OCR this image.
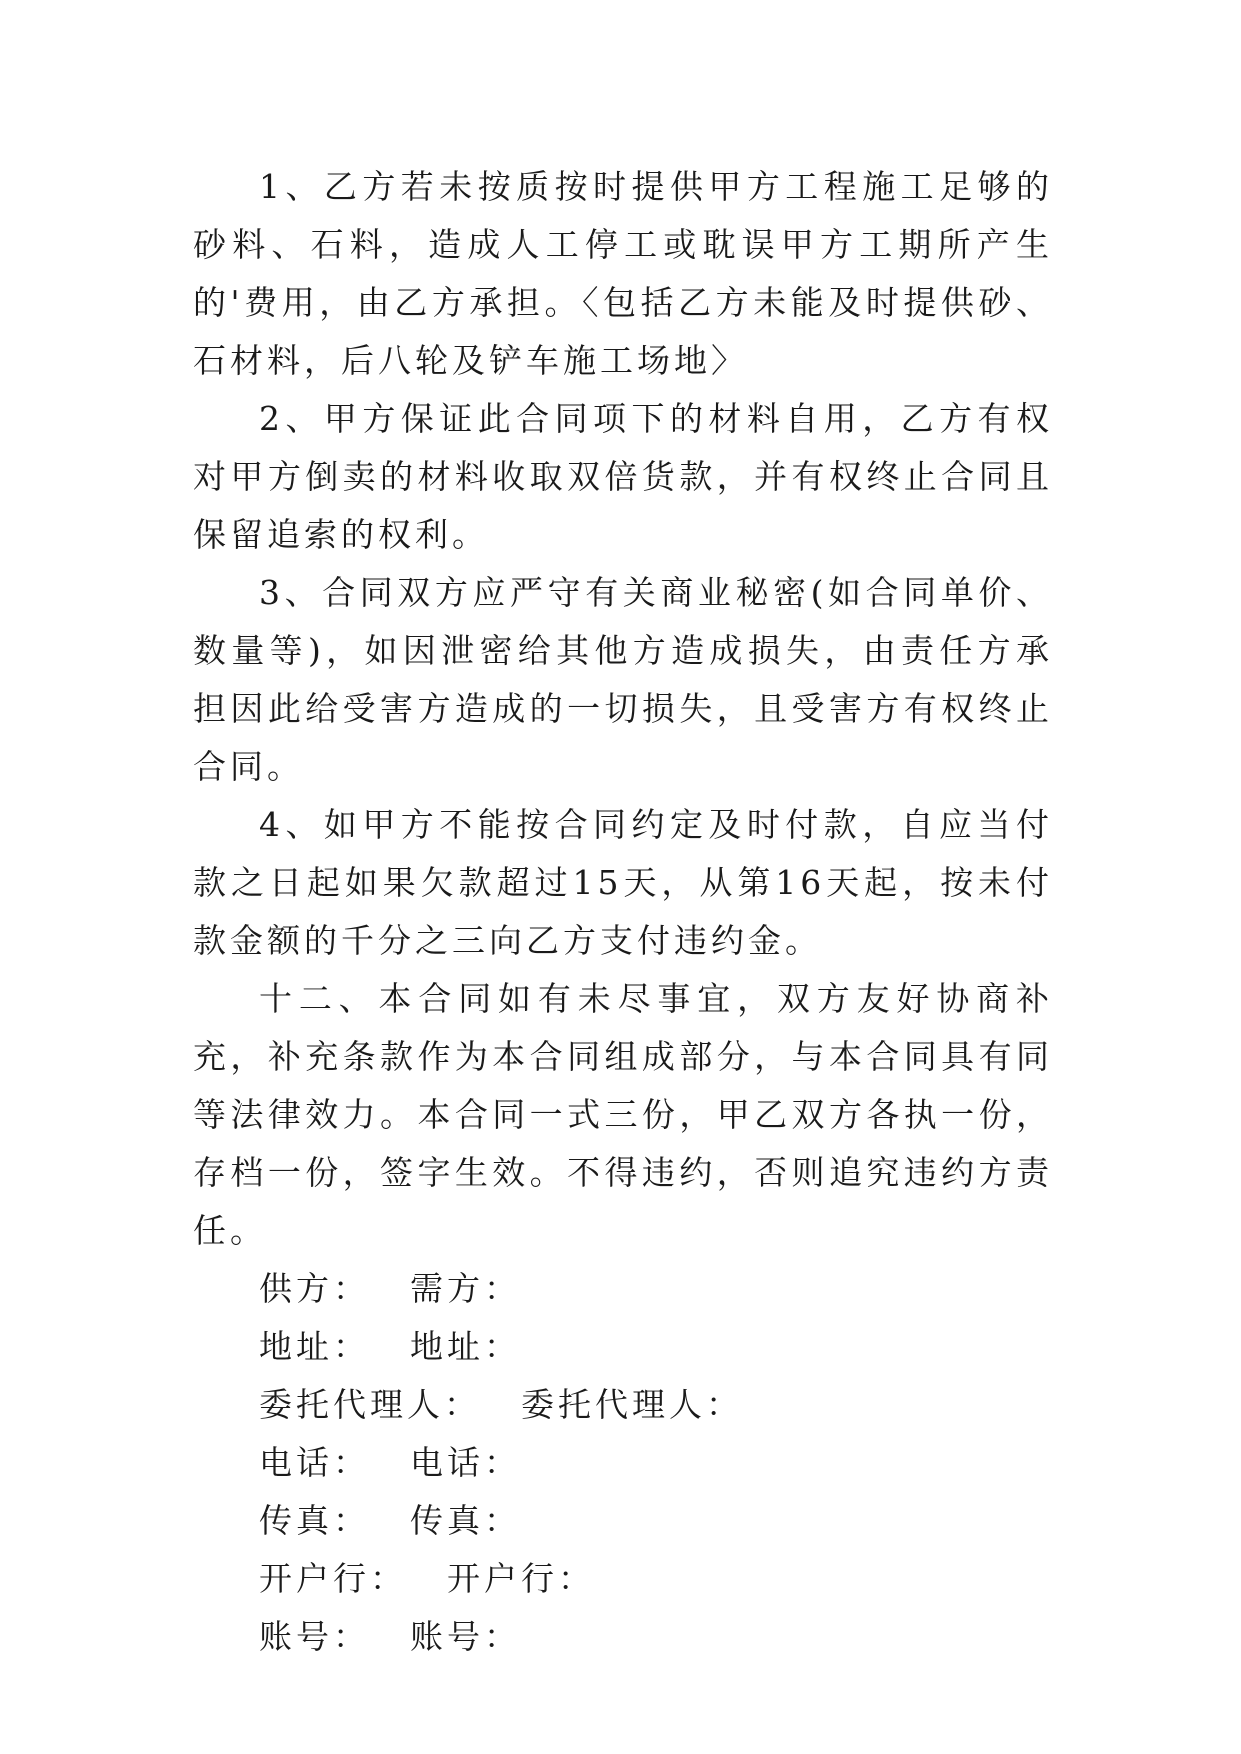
1、乙方若未按质按时提供甲方工程施工足够的砂料、石料，造成人工停工或耽误甲方工期所产生的'费用，由乙方承担。〈包括乙方未能及时提供砂、石材料，后八轮及铲车施工场地〉

2、甲方保证此合同项下的材料自用，乙方有权对甲方倒卖的材料收取双倍货款，并有权终止合同且保留追索的权利。

3、合同双方应严守有关商业秘密(如合同单价、数量等)，如因泄密给其他方造成损失，由责任方承担因此给受害方造成的一切损失，且受害方有权终止合同。

4、如甲方不能按合同约定及时付款，自应当付款之日起如果欠款超过15天，从第16天起，按未付款金额的千分之三向乙方支付违约金。

十二、本合同如有未尽事宜，双方友好协商补充，补充条款作为本合同组成部分，与本合同具有同等法律效力。本合同一式三份，甲乙双方各执一份，存档一份，签字生效。不得违约，否则追究违约方责任。

供方： 需方：

地址： 地址：

委托代理人： 委托代理人：

电话： 电话：

传真： 传真：

开户行： 开户行：

账号： 账号：
